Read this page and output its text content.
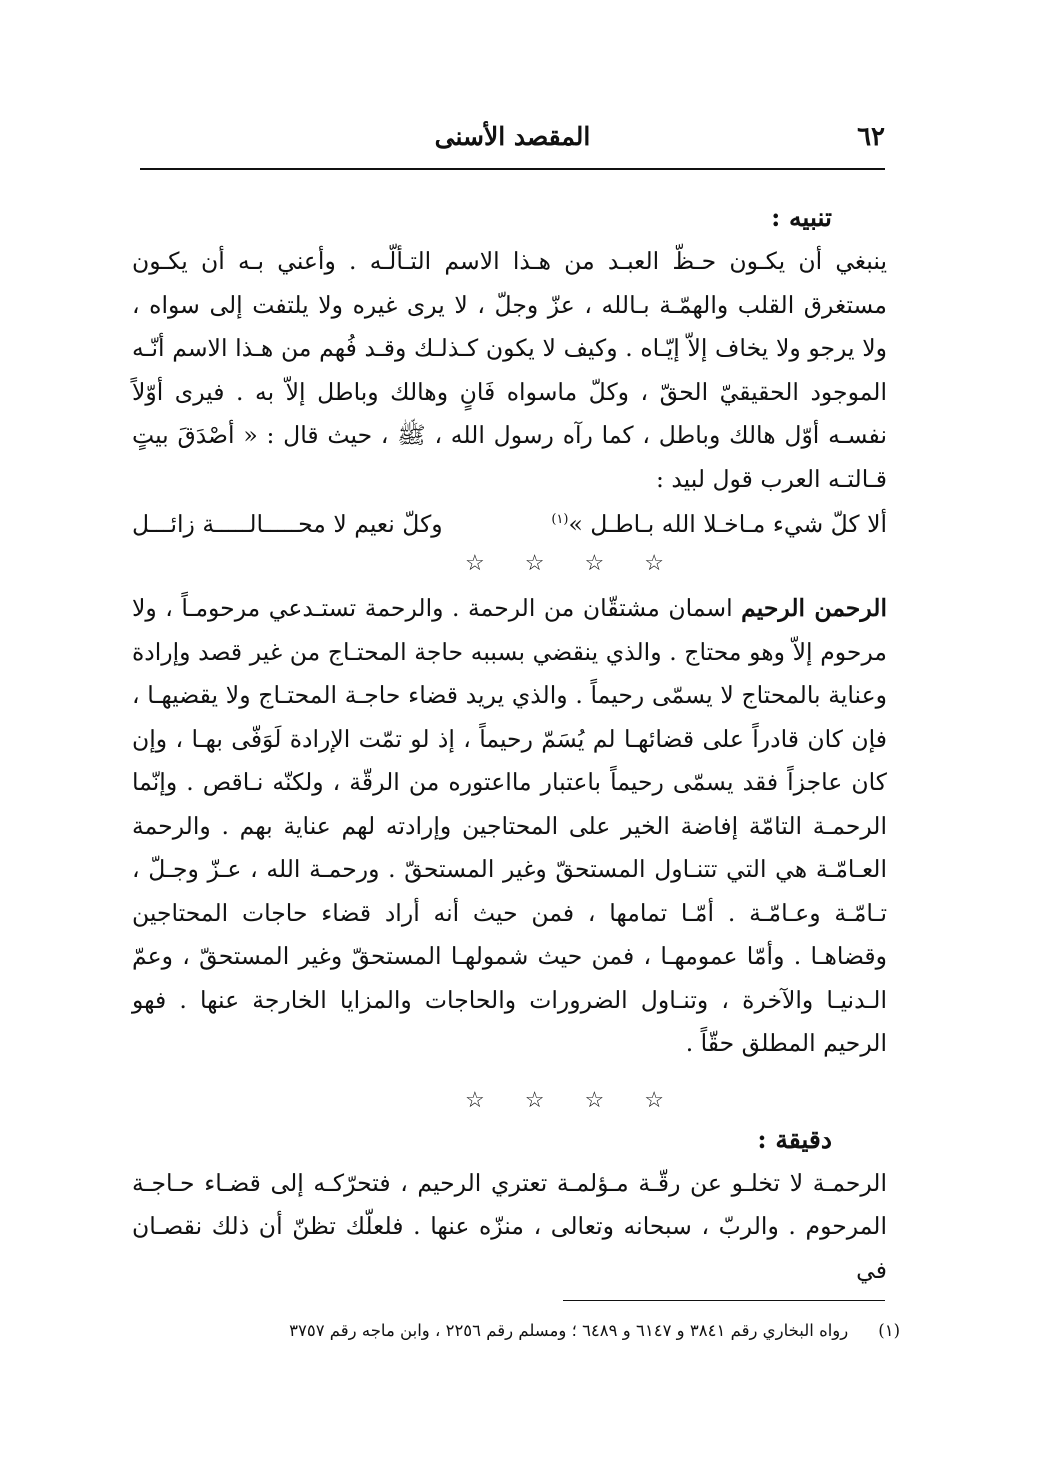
٦٢
المقصد الأسنى
تنبيه :

ينبغي أن يكـون حـظّ العبـد من هـذا الاسم التـألّـه . وأعني بـه أن يكـون مستغرق القلب والهمّـة بـالله ، عزّ وجلّ ، لا يرى غيره ولا يلتفت إلى سواه ، ولا يرجو ولا يخاف إلاّ إيّـاه . وكيف لا يكون كـذلـك وقـد فُهم من هـذا الاسم أنّـه الموجود الحقيقيّ الحقّ ، وكلّ ماسواه فَانٍ وهالك وباطل إلاّ به . فيرى أوّلاً نفسـه أوّل هالك وباطل ، كما رآه رسول الله ، ﷺ ، حيث قال : « أصْدَقَ بيتٍ قـالتـه العرب قول لبيد :

ألا كلّ شيء مـاخـلا الله بـاطـل »$^{(١)}$
وكلّ نعيم لا محـــــالـــــة زائـــل
☆
☆
☆
☆

الرحمن الرحيم اسمان مشتقّان من الرحمة . والرحمة تستـدعي مرحومـاً ، ولا مرحوم إلاّ وهو محتاج . والذي ينقضي بسببه حاجة المحتـاج من غير قصد وإرادة وعناية بالمحتاج لا يسمّى رحيماً . والذي يريد قضاء حاجـة المحتـاج ولا يقضيهـا ، فإن كان قادراً على قضائهـا لم يُسَمّ رحيماً ، إذ لو تمّت الإرادة لَوَفّى بهـا ، وإن كان عاجزاً فقد يسمّى رحيماً باعتبار مااعتوره من الرقّة ، ولكنّه نـاقص . وإنّما الرحمـة التامّة إفاضة الخير على المحتاجين وإرادته لهم عناية بهم . والرحمة العـامّـة هي التي تتنـاول المستحقّ وغير المستحقّ . ورحمـة الله ، عـزّ وجـلّ ، تـامّـة وعـامّـة . أمّـا تمامها ، فمن حيث أنه أراد قضاء حاجات المحتاجين وقضاهـا . وأمّا عمومهـا ، فمن حيث شمولهـا المستحقّ وغير المستحقّ ، وعمّ الـدنيـا والآخرة ، وتنـاول الضرورات والحاجات والمزايا الخارجة عنها . فهو الرحيم المطلق حقّاً .

☆
☆
☆
☆
دقيقة :

الرحمـة لا تخلـو عن رقّـة مـؤلمـة تعتري الرحيم ، فتحرّكـه إلى قضـاء حـاجـة المرحوم . والربّ ، سبحانه وتعالى ، منزّه عنها . فلعلّك تظنّ أن ذلك نقصـان في

(١)
رواه البخاري رقم ٣٨٤١ و ٦١٤٧ و ٦٤٨٩ ؛ ومسلم رقم ٢٢٥٦ ، وابن ماجه رقم ٣٧٥٧
